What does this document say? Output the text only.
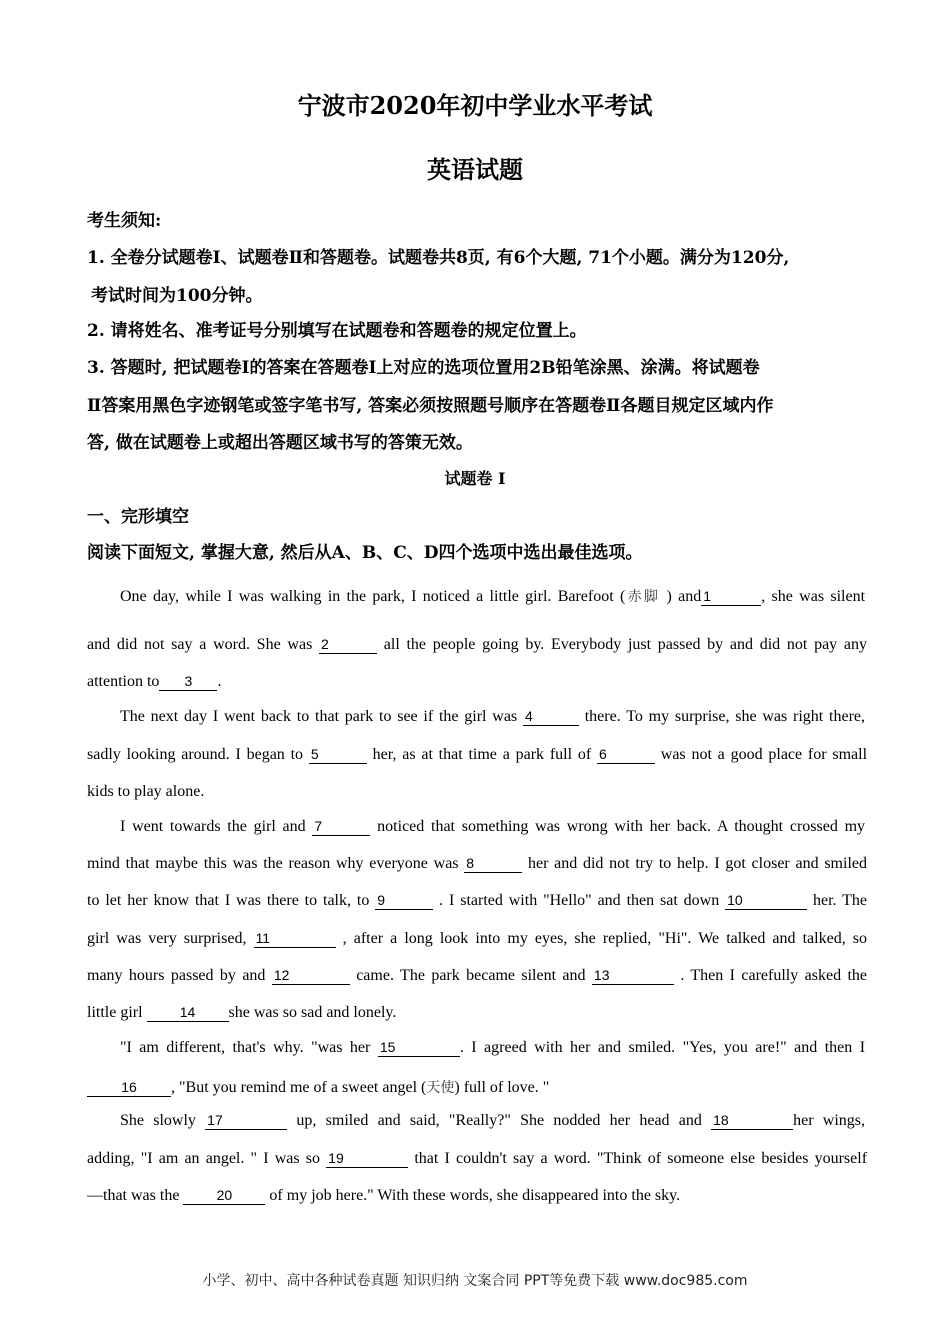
宁波市2020年初中学业水平考试
英语试题
考生须知:
1. 全卷分试题卷I、试题卷Ⅱ和答题卷。试题卷共8页, 有6个大题, 71个小题。满分为120分,
考试时间为100分钟。
2. 请将姓名、准考证号分别填写在试题卷和答题卷的规定位置上。
3. 答题时, 把试题卷I的答案在答题卷I上对应的选项位置用2B铅笔涂黑、涂满。将试题卷
Ⅱ答案用黑色字迹钢笔或签字笔书写, 答案必须按照题号顺序在答题卷Ⅱ各题目规定区域内作
答, 做在试题卷上或超出答题区域书写的答策无效。
试题卷 I
一、完形填空
阅读下面短文, 掌握大意, 然后从A、B、C、D四个选项中选出最佳选项。
One day, while I was walking in the park, I noticed a little girl. Barefoot (赤脚 ) and 1	, she was silent
and did not say a word. She was 2	all the people going by. Everybody just passed by and did not pay any
attention to 3 .
The next day I went back to that park to see if the girl was 4	there. To my surprise, she was right there,
sadly looking around. I began to 5	her, as at that time a park full of 6	was not a good place for small
kids to play alone.
I went towards the girl and 7	noticed that something was wrong with her back. A thought crossed my
mind that maybe this was the reason why everyone was 8	her and did not try to help. I got closer and smiled
to let her know that I was there to talk, to 9	. I started with "Hello" and then sat down 10	her. The
girl was very surprised, 11	, after a long look into my eyes, she replied, "Hi". We talked and talked, so
many hours passed by and 12	came. The park became silent and 13	. Then I carefully asked the
little girl	14 she was so sad and lonely.
"I am different, that's why. "was her 15	. I agreed with her and smiled. "Yes, you are!" and then I
16 , "But you remind me of a sweet angel (天使) full of love. "
She slowly 17	up, smiled and said, "Really?" She nodded her head and 18	her wings,
adding, "I am an angel. " I was so 19	that I couldn't say a word. "Think of someone else besides yourself
—that was the	20 of my job here." With these words, she disappeared into the sky.
小学、初中、高中各种试卷真题 知识归纳 文案合同 PPT等免费下载 www.doc985.com
